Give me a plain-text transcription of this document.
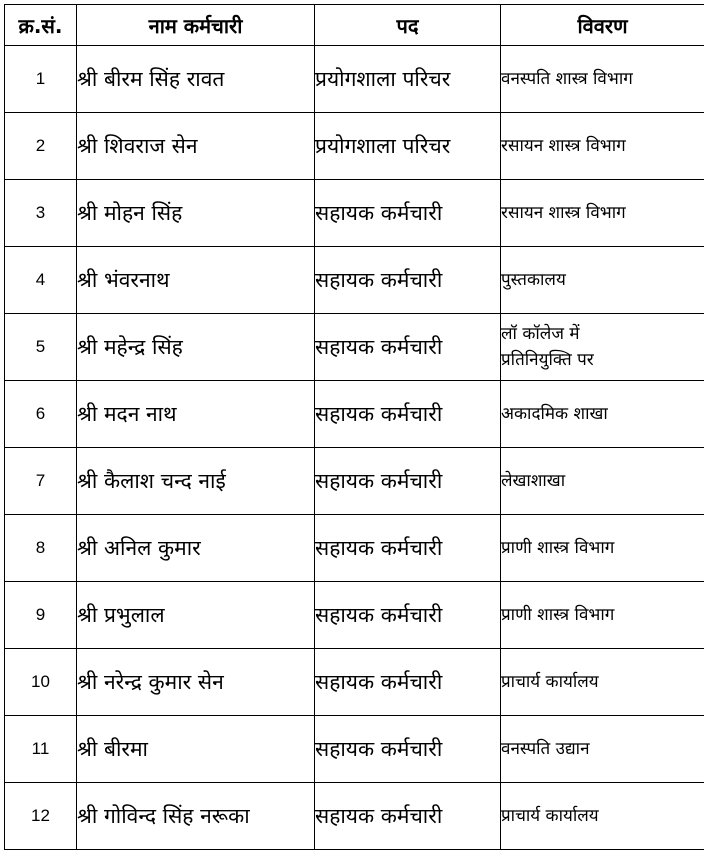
क्र.सं.	नाम कर्मचारी	पद	विवरण
1	श्री बीरम सिंह रावत	प्रयोगशाला परिचर	वनस्पति शास्त्र विभाग

2	श्री शिवराज सेन	प्रयोगशाला परिचर	रसायन शास्त्र विभाग

3	श्री मोहन सिंह	सहायक कर्मचारी	रसायन शास्त्र विभाग

4	श्री भंवरनाथ	सहायक कर्मचारी	पुस्तकालय

5	श्री महेन्द्र सिंह	सहायक कर्मचारी	लॉ कॉलेज में
प्रतिनियुक्ति पर

6	श्री मदन नाथ	सहायक कर्मचारी	अकादमिक शाखा

7	श्री कैलाश चन्द नाई	सहायक कर्मचारी	लेखाशाखा

8	श्री अनिल कुमार	सहायक कर्मचारी	प्राणी शास्त्र विभाग

9	श्री प्रभुलाल	सहायक कर्मचारी	प्राणी शास्त्र विभाग

10	श्री नरेन्द्र कुमार सेन	सहायक कर्मचारी	प्राचार्य कार्यालय

11	श्री बीरमा	सहायक कर्मचारी	वनस्पति उद्यान

12	श्री गोविन्द सिंह नरूका	सहायक कर्मचारी	प्राचार्य कार्यालय
